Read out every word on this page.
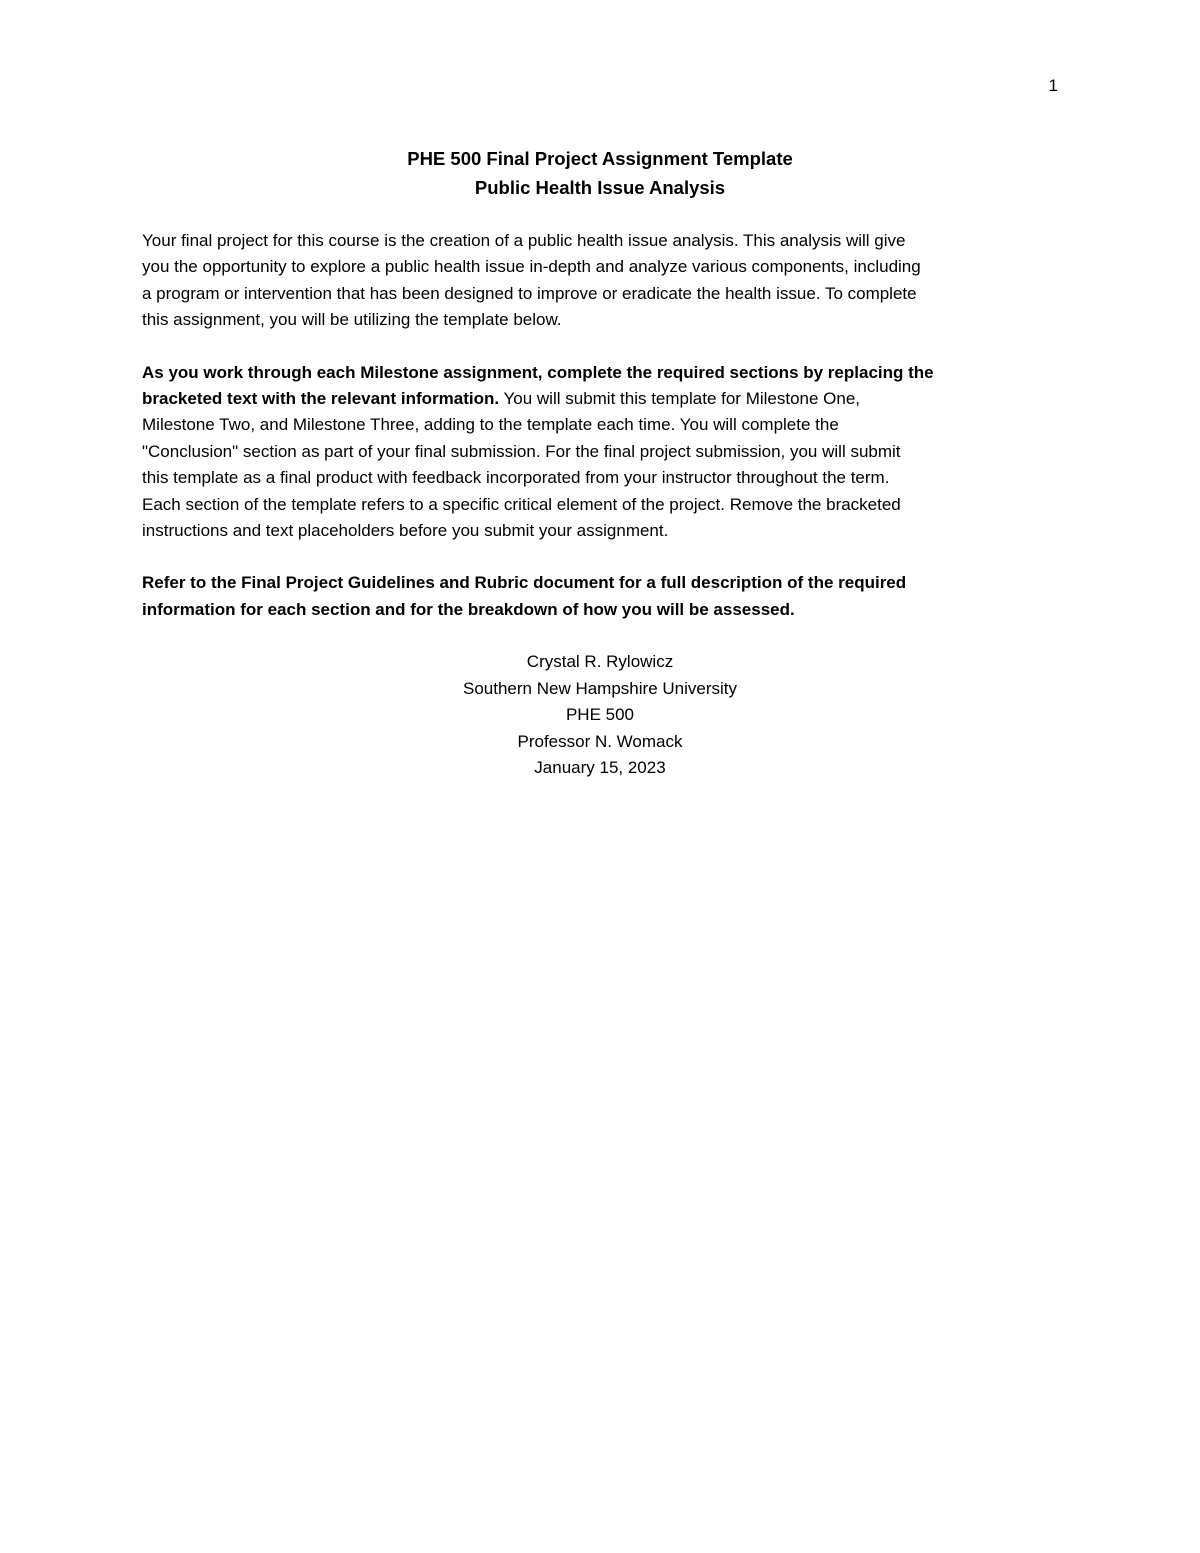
1
PHE 500 Final Project Assignment Template
Public Health Issue Analysis
Your final project for this course is the creation of a public health issue analysis. This analysis will give
you the opportunity to explore a public health issue in-depth and analyze various components, including
a program or intervention that has been designed to improve or eradicate the health issue. To complete
this assignment, you will be utilizing the template below.
As you work through each Milestone assignment, complete the required sections by replacing the
bracketed text with the relevant information. You will submit this template for Milestone One,
Milestone Two, and Milestone Three, adding to the template each time. You will complete the
"Conclusion" section as part of your final submission. For the final project submission, you will submit
this template as a final product with feedback incorporated from your instructor throughout the term.
Each section of the template refers to a specific critical element of the project. Remove the bracketed
instructions and text placeholders before you submit your assignment.
Refer to the Final Project Guidelines and Rubric document for a full description of the required
information for each section and for the breakdown of how you will be assessed.
Crystal R. Rylowicz
Southern New Hampshire University
PHE 500
Professor N. Womack
January 15, 2023
